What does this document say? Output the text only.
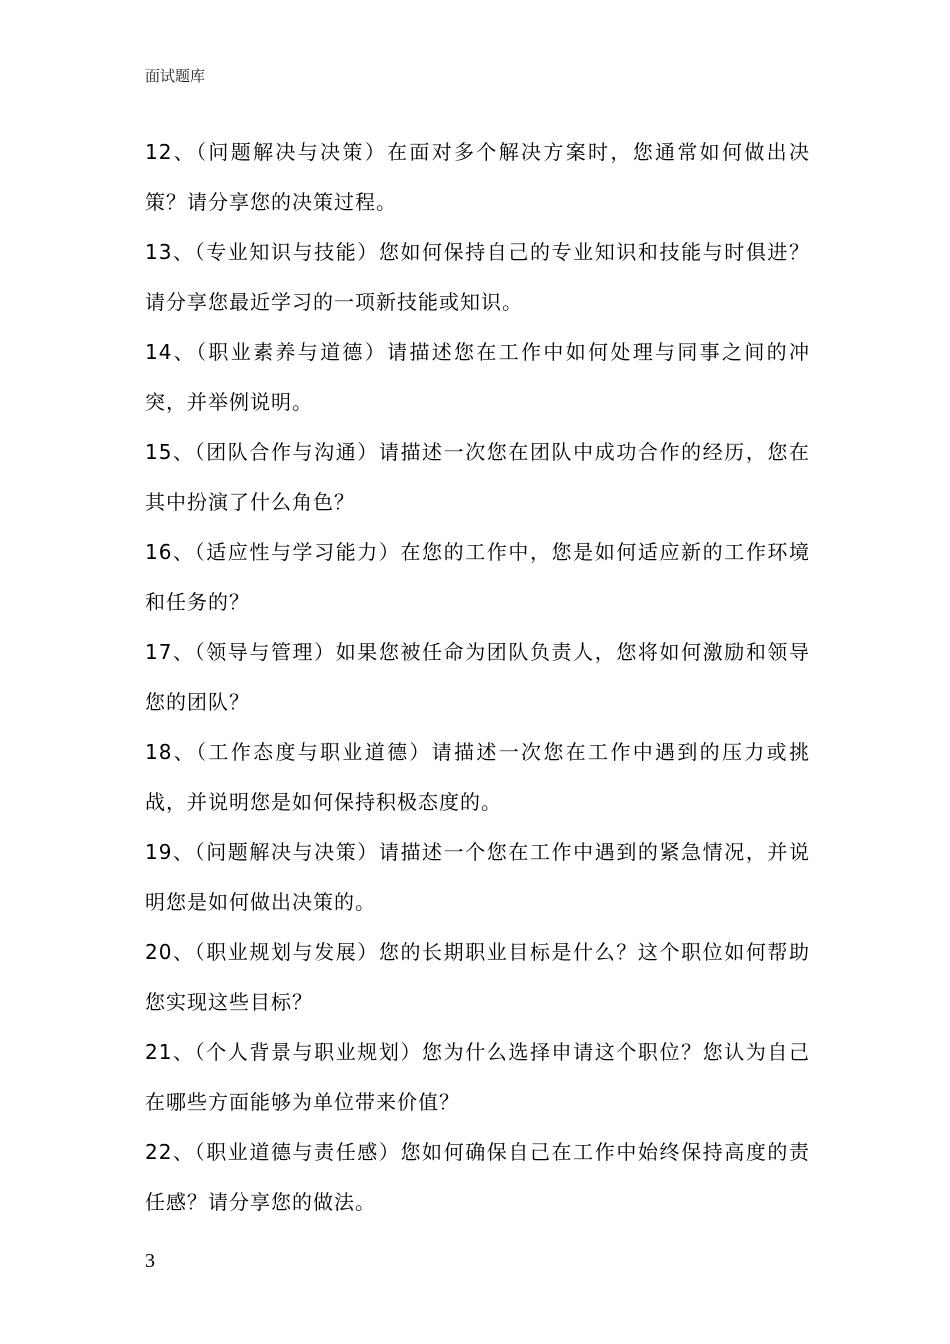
面试题库
12、（问题解决与决策）在面对多个解决方案时，您通常如何做出决策？请分享您的决策过程。
13、（专业知识与技能）您如何保持自己的专业知识和技能与时俱进？请分享您最近学习的一项新技能或知识。
14、（职业素养与道德）请描述您在工作中如何处理与同事之间的冲突，并举例说明。
15、（团队合作与沟通）请描述一次您在团队中成功合作的经历，您在其中扮演了什么角色？
16、（适应性与学习能力）在您的工作中，您是如何适应新的工作环境和任务的？
17、（领导与管理）如果您被任命为团队负责人，您将如何激励和领导您的团队？
18、（工作态度与职业道德）请描述一次您在工作中遇到的压力或挑战，并说明您是如何保持积极态度的。
19、（问题解决与决策）请描述一个您在工作中遇到的紧急情况，并说明您是如何做出决策的。
20、（职业规划与发展）您的长期职业目标是什么？这个职位如何帮助您实现这些目标？
21、（个人背景与职业规划）您为什么选择申请这个职位？您认为自己在哪些方面能够为单位带来价值？
22、（职业道德与责任感）您如何确保自己在工作中始终保持高度的责任感？请分享您的做法。
3
